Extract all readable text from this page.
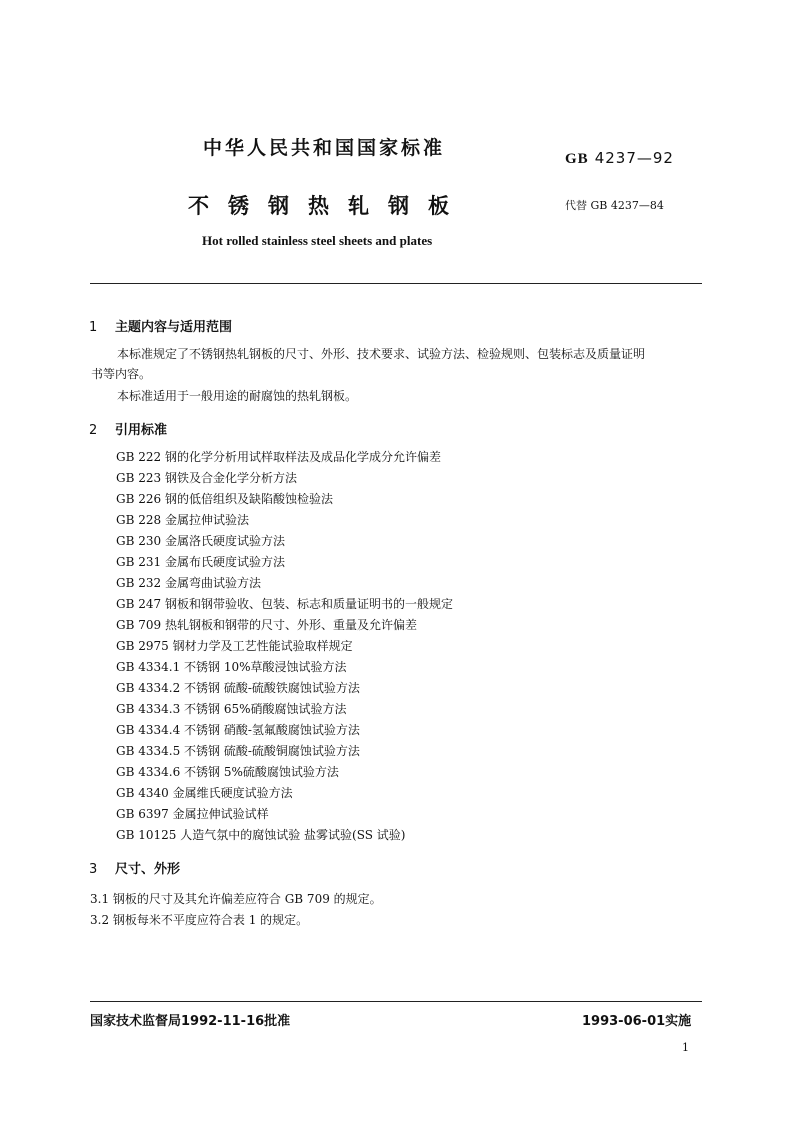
中华人民共和国国家标准	GB 4237—92
不锈钢热轧钢板	代替 GB 4237—84
Hot rolled stainless steel sheets and plates
1 主题内容与适用范围
本标准规定了不锈钢热轧钢板的尺寸、外形、技术要求、试验方法、检验规则、包装标志及质量证明
书等内容。
本标准适用于一般用途的耐腐蚀的热轧钢板。
2 引用标准
GB 222 钢的化学分析用试样取样法及成品化学成分允许偏差
GB 223 钢铁及合金化学分析方法
GB 226 钢的低倍组织及缺陷酸蚀检验法
GB 228 金属拉伸试验法
GB 230 金属洛氏硬度试验方法
GB 231 金属布氏硬度试验方法
GB 232 金属弯曲试验方法
GB 247 钢板和钢带验收、包装、标志和质量证明书的一般规定
GB 709 热轧钢板和钢带的尺寸、外形、重量及允许偏差
GB 2975 钢材力学及工艺性能试验取样规定
GB 4334.1 不锈钢 10%草酸浸蚀试验方法
GB 4334.2 不锈钢 硫酸-硫酸铁腐蚀试验方法
GB 4334.3 不锈钢 65%硝酸腐蚀试验方法
GB 4334.4 不锈钢 硝酸-氢氟酸腐蚀试验方法
GB 4334.5 不锈钢 硫酸-硫酸铜腐蚀试验方法
GB 4334.6 不锈钢 5%硫酸腐蚀试验方法
GB 4340 金属维氏硬度试验方法
GB 6397 金属拉伸试验试样
GB 10125 人造气氛中的腐蚀试验 盐雾试验(SS 试验)
3 尺寸、外形
3.1 钢板的尺寸及其允许偏差应符合 GB 709 的规定。
3.2 钢板每米不平度应符合表 1 的规定。
国家技术监督局1992-11-16批准	1993-06-01实施
1
